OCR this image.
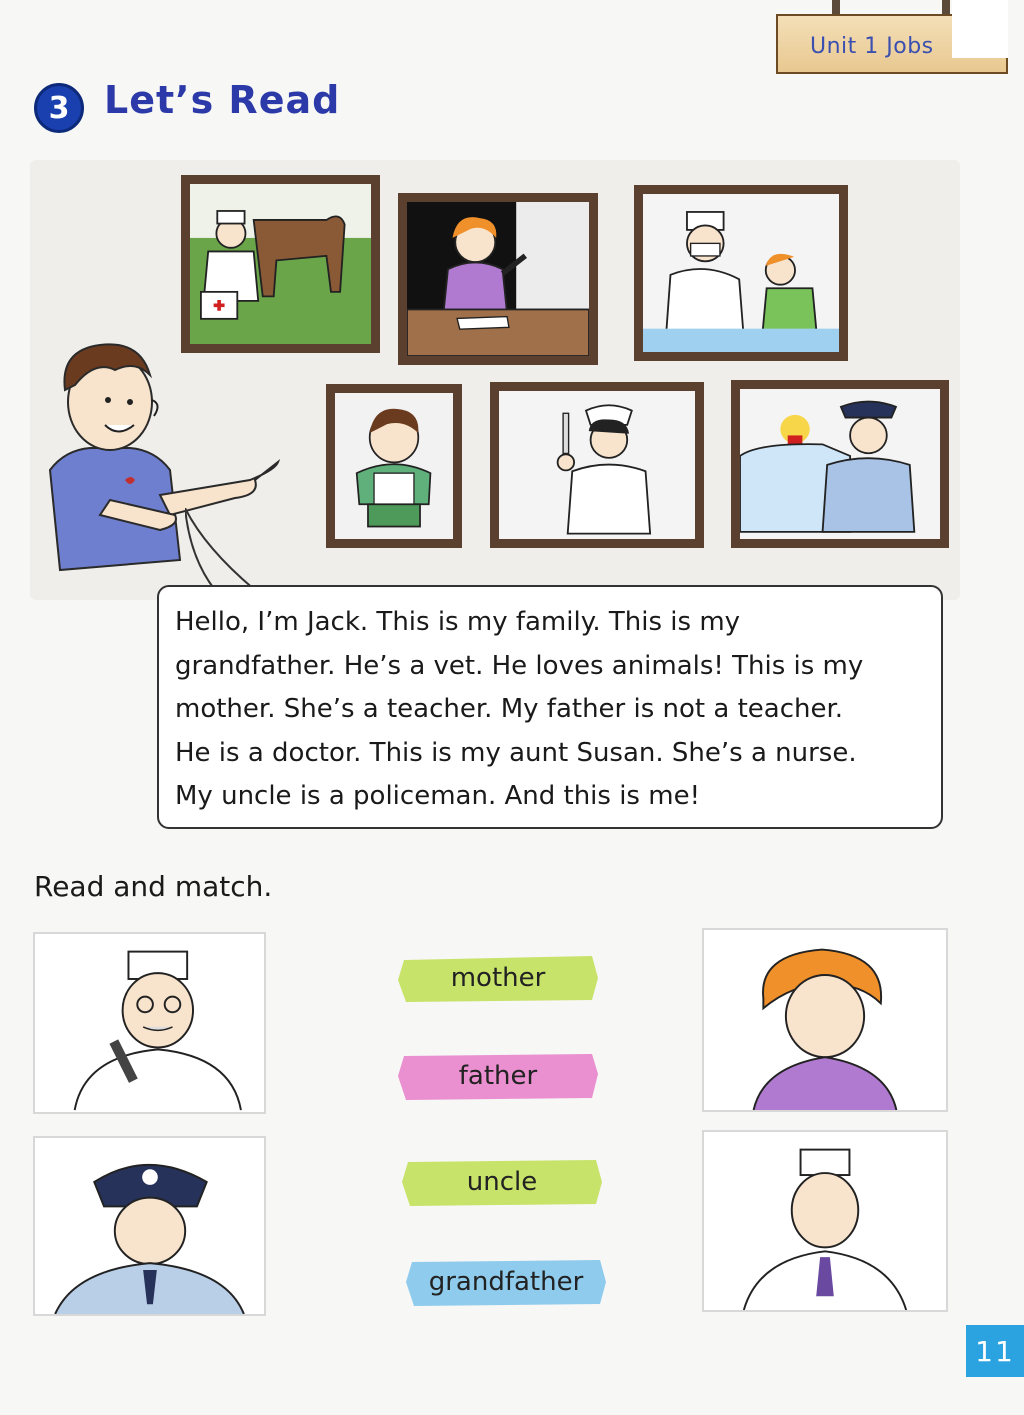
Unit 1 Jobs
3 Let’s Read
Hello, I’m Jack. This is my family. This is my
grandfather. He’s a vet. He loves animals! This is my
mother. She’s a teacher. My father is not a teacher.
He is a doctor. This is my aunt Susan. She’s a nurse.
My uncle is a policeman. And this is me!
Read and match.
mother
father
uncle
grandfather
11
